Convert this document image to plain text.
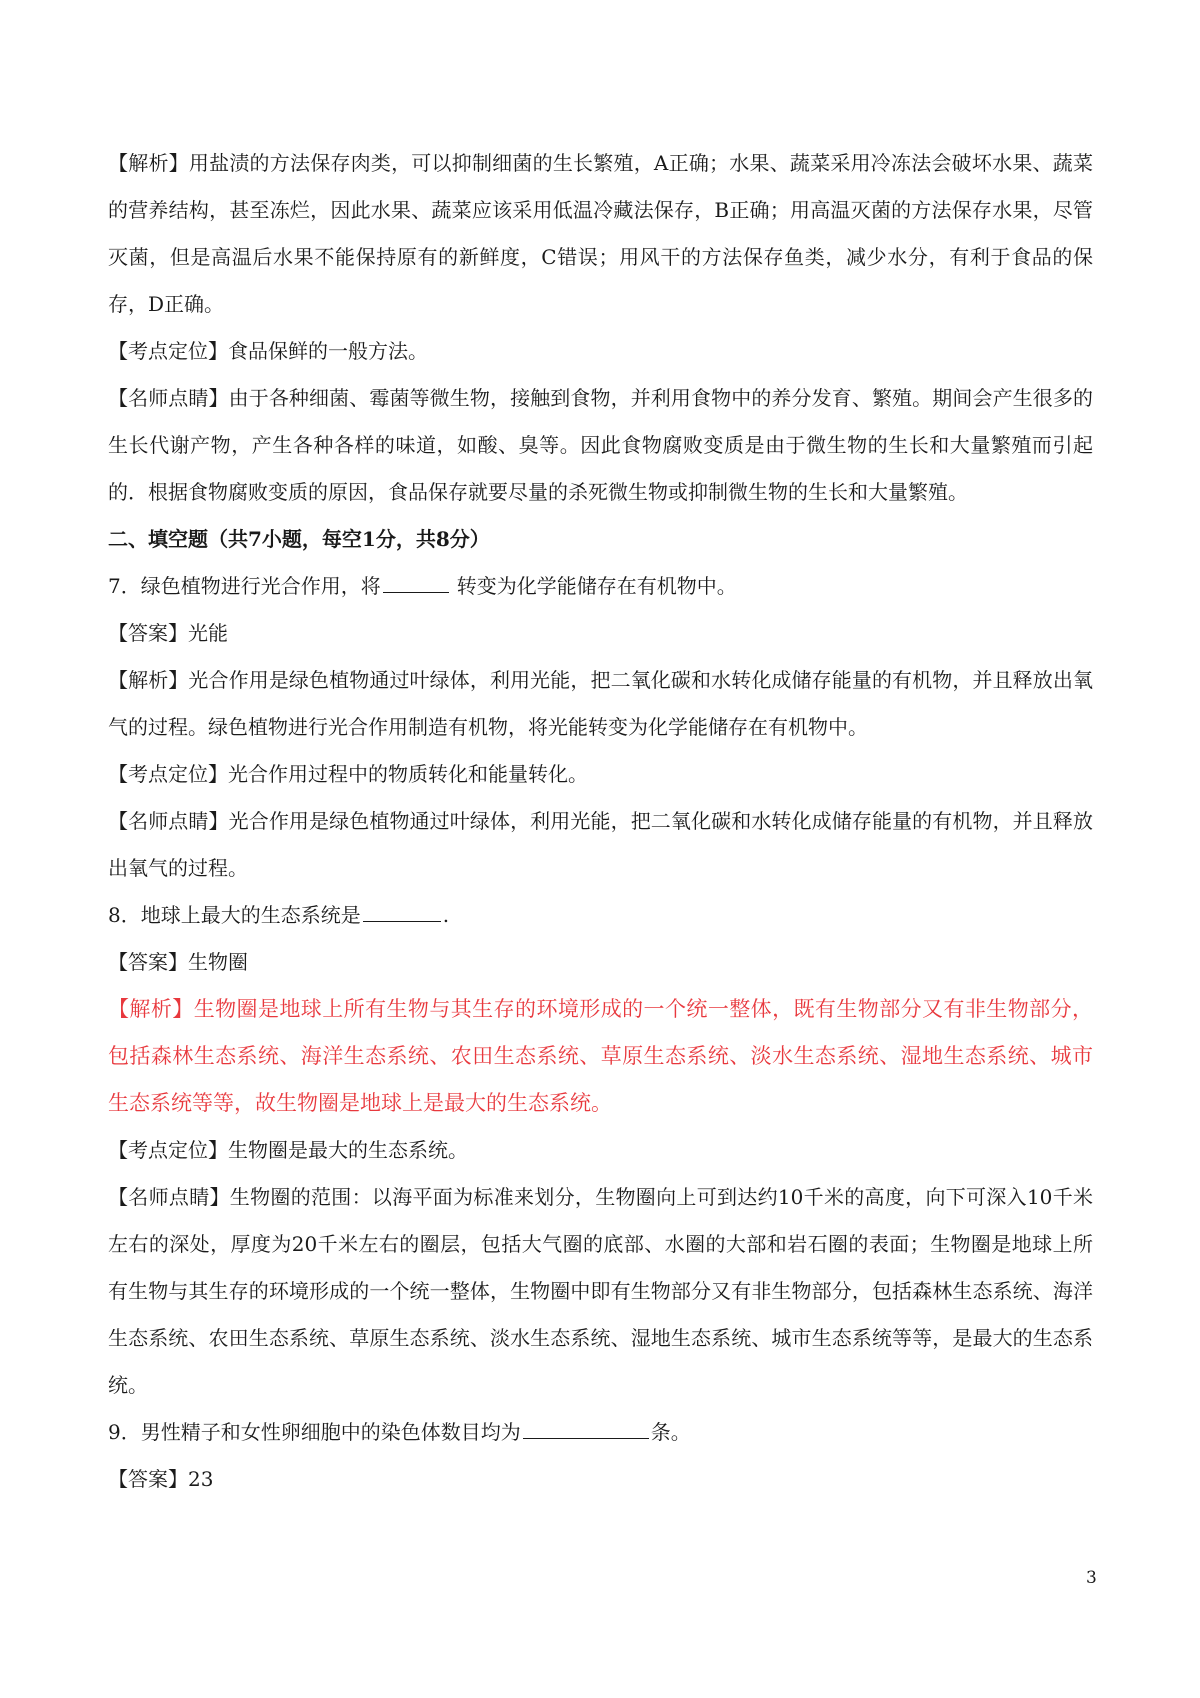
【解析】用盐渍的方法保存肉类，可以抑制细菌的生长繁殖，A正确；水果、蔬菜采用冷冻法会破坏水果、蔬菜的营养结构，甚至冻烂，因此水果、蔬菜应该采用低温冷藏法保存，B正确；用高温灭菌的方法保存水果，尽管灭菌，但是高温后水果不能保持原有的新鲜度，C错误；用风干的方法保存鱼类，减少水分，有利于食品的保存，D正确。

【考点定位】食品保鲜的一般方法。

【名师点睛】由于各种细菌、霉菌等微生物，接触到食物，并利用食物中的养分发育、繁殖。期间会产生很多的生长代谢产物，产生各种各样的味道，如酸、臭等。因此食物腐败变质是由于微生物的生长和大量繁殖而引起的．根据食物腐败变质的原因，食品保存就要尽量的杀死微生物或抑制微生物的生长和大量繁殖。

二、填空题（共7小题，每空1分，共8分）

7．绿色植物进行光合作用，将	转变为化学能储存在有机物中。

【答案】光能

【解析】光合作用是绿色植物通过叶绿体，利用光能，把二氧化碳和水转化成储存能量的有机物，并且释放出氧气的过程。绿色植物进行光合作用制造有机物，将光能转变为化学能储存在有机物中。

【考点定位】光合作用过程中的物质转化和能量转化。

【名师点睛】光合作用是绿色植物通过叶绿体，利用光能，把二氧化碳和水转化成储存能量的有机物，并且释放出氧气的过程。

8．地球上最大的生态系统是	.

【答案】生物圈

【解析】生物圈是地球上所有生物与其生存的环境形成的一个统一整体，既有生物部分又有非生物部分，包括森林生态系统、海洋生态系统、农田生态系统、草原生态系统、淡水生态系统、湿地生态系统、城市生态系统等等，故生物圈是地球上是最大的生态系统。

【考点定位】生物圈是最大的生态系统。

【名师点睛】生物圈的范围：以海平面为标准来划分，生物圈向上可到达约10千米的高度，向下可深入10千米左右的深处，厚度为20千米左右的圈层，包括大气圈的底部、水圈的大部和岩石圈的表面；生物圈是地球上所有生物与其生存的环境形成的一个统一整体，生物圈中即有生物部分又有非生物部分，包括森林生态系统、海洋生态系统、农田生态系统、草原生态系统、淡水生态系统、湿地生态系统、城市生态系统等等，是最大的生态系统。

9．男性精子和女性卵细胞中的染色体数目均为	条。

【答案】23

3
